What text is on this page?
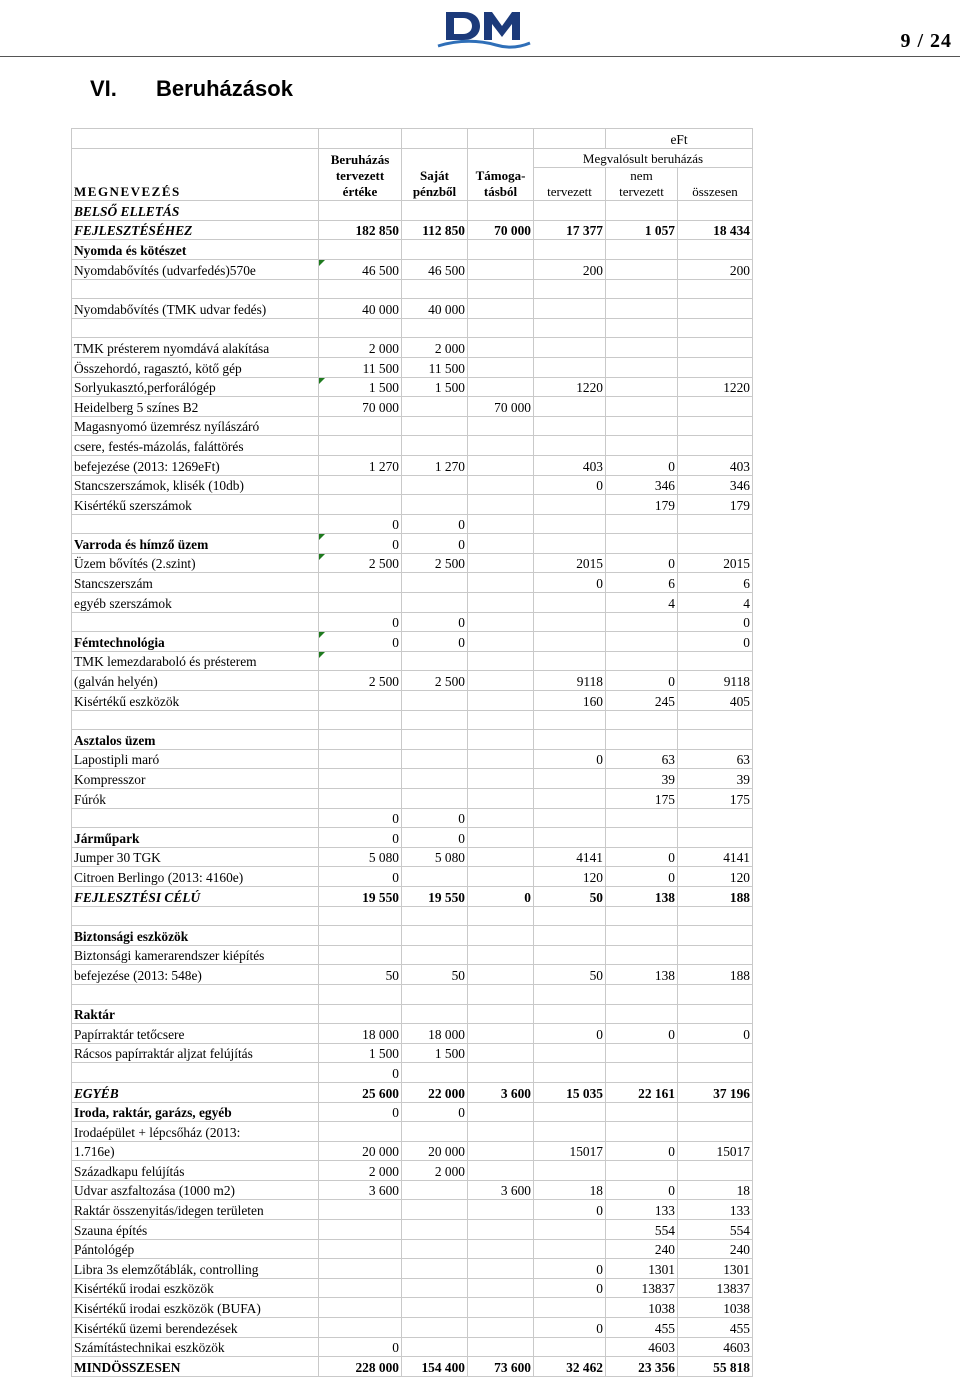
9 / 24
VI. Beruházások
					eFt	
MEGNEVEZÉS	Beruházás tervezett értéke	Saját pénzből	Támoga-tásból	Megvalósult beruházás		
				tervezett	nem tervezett	összesen
BELSŐ ELLETÁS						
FEJLESZTÉSÉHEZ	182 850	112 850	70 000	17 377	1 057	18 434
Nyomda és kötészet						
Nyomdabővítés (udvarfedés)570e	46 500	46 500		200		200

Nyomdabővítés (TMK udvar fedés)	40 000	40 000				

TMK présterem nyomdává alakítása	2 000	2 000				
Összehordó, ragasztó, kötő gép	11 500	11 500				
Sorlyukasztó,perforálógép	1 500	1 500		1220		1220
Heidelberg 5 színes B2	70 000		70 000			
Magasnyomó üzemrész nyílászáró						
csere, festés-mázolás, faláttörés						
befejezése (2013: 1269eFt)	1 270	1 270		403	0	403
Stancszerszámok, klisék (10db)				0	346	346
Kisértékű szerszámok					179	179
	0	0				
Varroda és hímző üzem	0	0				
Üzem bővítés (2.szint)	2 500	2 500		2015	0	2015
Stancszerszám				0	6	6
egyéb szerszámok					4	4
	0	0				0
Fémtechnológia	0	0				0
TMK lemezdaraboló és présterem						
(galván helyén)	2 500	2 500		9118	0	9118
Kisértékű eszközök				160	245	405

Asztalos üzem						
Lapostipli maró				0	63	63
Kompresszor					39	39
Fúrók					175	175
	0	0				
Járműpark	0	0				
Jumper 30 TGK	5 080	5 080		4141	0	4141
Citroen Berlingo (2013: 4160e)	0			120	0	120
FEJLESZTÉSI CÉLÚ	19 550	19 550	0	50	138	188

Biztonsági eszközök						
Biztonsági kamerarendszer kiépítés						
befejezése (2013: 548e)	50	50		50	138	188

Raktár						
Papírraktár tetőcsere	18 000	18 000		0	0	0
Rácsos papírraktár aljzat felújítás	1 500	1 500				
	0					
EGYÉB	25 600	22 000	3 600	15 035	22 161	37 196
Iroda, raktár, garázs, egyéb	0	0				
Irodaépület + lépcsőház (2013:						
1.716e)	20 000	20 000		15017	0	15017
Századkapu felújítás	2 000	2 000				
Udvar aszfaltozása (1000 m2)	3 600		3 600	18	0	18
Raktár összenyitás/idegen területen				0	133	133
Szauna építés					554	554
Pántológép					240	240
Libra 3s elemzőtáblák, controlling				0	1301	1301
Kisértékű irodai eszközök				0	13837	13837
Kisértékű irodai eszközök (BUFA)					1038	1038
Kisértékű üzemi berendezések				0	455	455
Számítástechnikai eszközök	0				4603	4603
MINDÖSSZESEN	228 000	154 400	73 600	32 462	23 356	55 818
